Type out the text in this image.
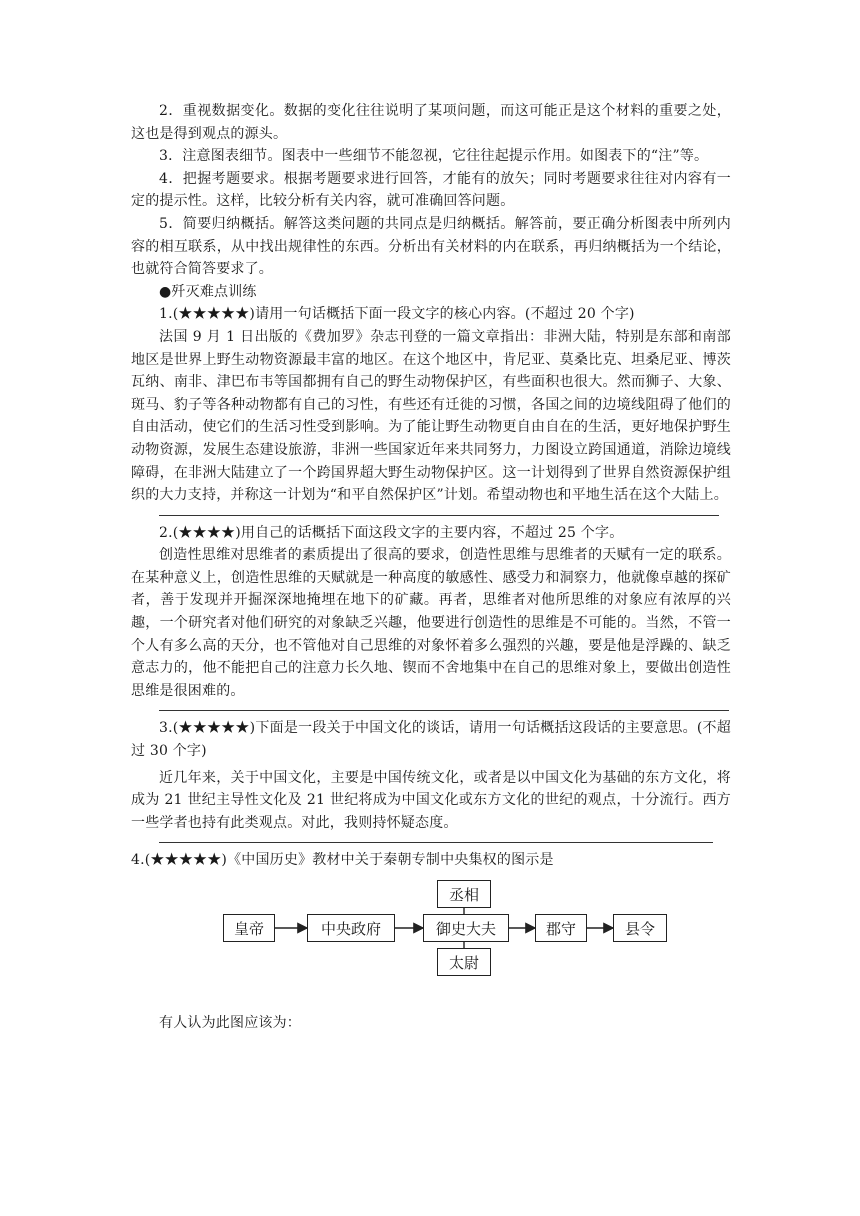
2．重视数据变化。数据的变化往往说明了某项问题，而这可能正是这个材料的重要之处，这也是得到观点的源头。

3．注意图表细节。图表中一些细节不能忽视，它往往起提示作用。如图表下的“注”等。

4．把握考题要求。根据考题要求进行回答，才能有的放矢；同时考题要求往往对内容有一定的提示性。这样，比较分析有关内容，就可准确回答问题。

5．简要归纳概括。解答这类问题的共同点是归纳概括。解答前，要正确分析图表中所列内容的相互联系，从中找出规律性的东西。分析出有关材料的内在联系，再归纳概括为一个结论，也就符合简答要求了。

●歼灭难点训练

1.(★★★★★)请用一句话概括下面一段文字的核心内容。(不超过 20 个字)

法国 9 月 1 日出版的《费加罗》杂志刊登的一篇文章指出：非洲大陆，特别是东部和南部地区是世界上野生动物资源最丰富的地区。在这个地区中，肯尼亚、莫桑比克、坦桑尼亚、博茨瓦纳、南非、津巴布韦等国都拥有自己的野生动物保护区，有些面积也很大。然而狮子、大象、斑马、豹子等各种动物都有自己的习性，有些还有迁徙的习惯，各国之间的边境线阻碍了他们的自由活动，使它们的生活习性受到影响。为了能让野生动物更自由自在的生活，更好地保护野生动物资源，发展生态建设旅游，非洲一些国家近年来共同努力，力图设立跨国通道，消除边境线障碍，在非洲大陆建立了一个跨国界超大野生动物保护区。这一计划得到了世界自然资源保护组织的大力支持，并称这一计划为“和平自然保护区”计划。希望动物也和平地生活在这个大陆上。

2.(★★★★)用自己的话概括下面这段文字的主要内容，不超过 25 个字。

创造性思维对思维者的素质提出了很高的要求，创造性思维与思维者的天赋有一定的联系。在某种意义上，创造性思维的天赋就是一种高度的敏感性、感受力和洞察力，他就像卓越的探矿者，善于发现并开掘深深地掩埋在地下的矿藏。再者，思维者对他所思维的对象应有浓厚的兴趣，一个研究者对他们研究的对象缺乏兴趣，他要进行创造性的思维是不可能的。当然，不管一个人有多么高的天分，也不管他对自己思维的对象怀着多么强烈的兴趣，要是他是浮躁的、缺乏意志力的，他不能把自己的注意力长久地、锲而不舍地集中在自己的思维对象上，要做出创造性思维是很困难的。

3.(★★★★★)下面是一段关于中国文化的谈话，请用一句话概括这段话的主要意思。(不超过 30 个字)

近几年来，关于中国文化，主要是中国传统文化，或者是以中国文化为基础的东方文化，将成为 21 世纪主导性文化及 21 世纪将成为中国文化或东方文化的世纪的观点，十分流行。西方一些学者也持有此类观点。对此，我则持怀疑态度。

4.(★★★★★)《中国历史》教材中关于秦朝专制中央集权的图示是

皇帝	中央政府	御史大夫
丞相
太尉
郡守	县令

有人认为此图应该为：
